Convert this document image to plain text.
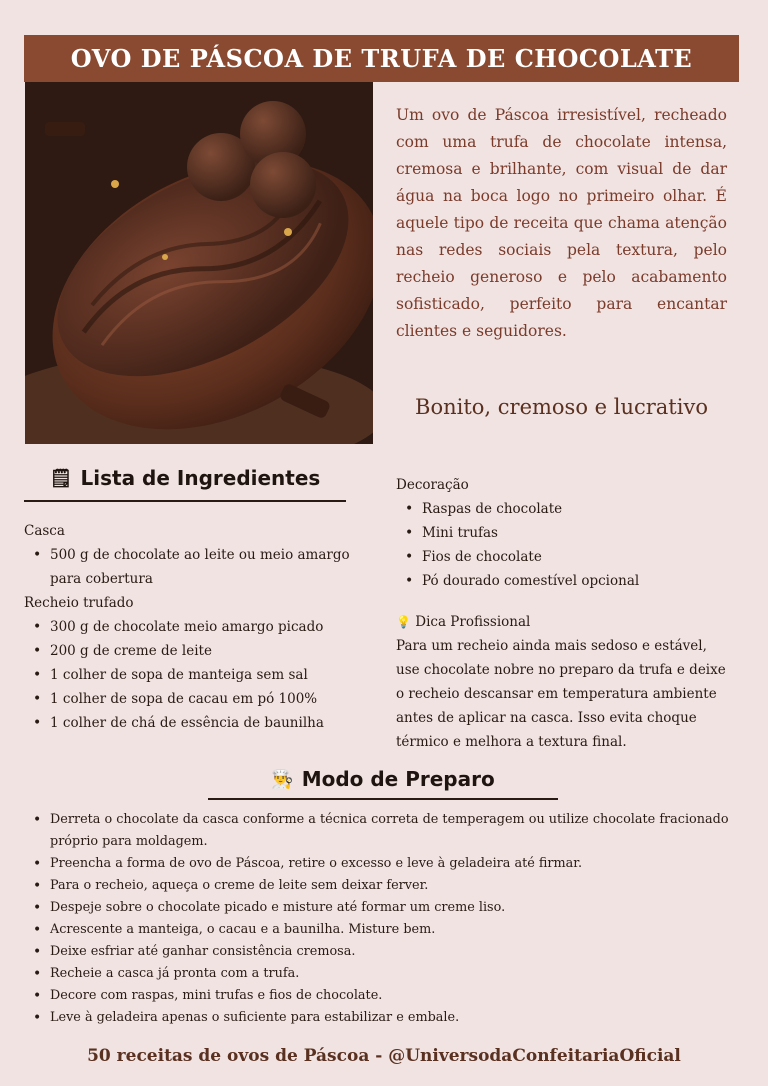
OVO DE PÁSCOA DE TRUFA DE CHOCOLATE

Um ovo de Páscoa irresistível, recheado com uma trufa de chocolate intensa, cremosa e brilhante, com visual de dar água na boca logo no primeiro olhar. É aquele tipo de receita que chama atenção nas redes sociais pela textura, pelo recheio generoso e pelo acabamento sofisticado, perfeito para encantar clientes e seguidores.

Bonito, cremoso e lucrativo
🗒 Lista de Ingredientes
Casca
• 500 g de chocolate ao leite ou meio amargo para cobertura
Recheio trufado
• 300 g de chocolate meio amargo picado
• 200 g de creme de leite
• 1 colher de sopa de manteiga sem sal
• 1 colher de sopa de cacau em pó 100%
• 1 colher de chá de essência de baunilha
Decoração
• Raspas de chocolate
• Mini trufas
• Fios de chocolate
• Pó dourado comestível opcional
💡 Dica Profissional

Para um recheio ainda mais sedoso e estável, use chocolate nobre no preparo da trufa e deixe o recheio descansar em temperatura ambiente antes de aplicar na casca. Isso evita choque térmico e melhora a textura final.

👨‍🍳 Modo de Preparo
• Derreta o chocolate da casca conforme a técnica correta de temperagem ou utilize chocolate fracionado próprio para moldagem.
• Preencha a forma de ovo de Páscoa, retire o excesso e leve à geladeira até firmar.
• Para o recheio, aqueça o creme de leite sem deixar ferver.
• Despeje sobre o chocolate picado e misture até formar um creme liso.
• Acrescente a manteiga, o cacau e a baunilha. Misture bem.
• Deixe esfriar até ganhar consistência cremosa.
• Recheie a casca já pronta com a trufa.
• Decore com raspas, mini trufas e fios de chocolate.
• Leve à geladeira apenas o suficiente para estabilizar e embale.
50 receitas de ovos de Páscoa - @UniversodaConfeitariaOficial
